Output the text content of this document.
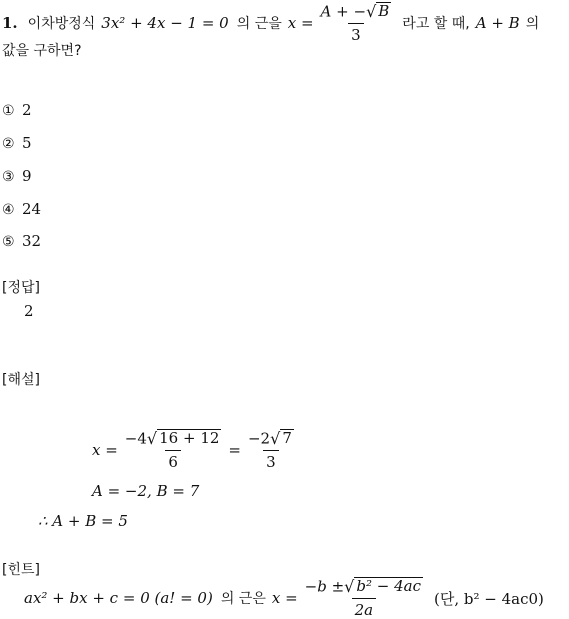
1. 이차방정식 3x² + 4x − 1 = 0 의 근을 $x = \frac{A + - √ B}{3}$ 라고 할 때, A + B 의
값을 구하면?
① 2
② 5
③ 9
④ 24
⑤ 32
[정답]
2
[해설]
$x = \frac{-4 √ 16 + 12}{6} = \frac{-2 √ 7}{3}$
A = −2, B = 7
∴ A + B = 5
[힌트]
ax² + bx + c = 0 (a! = 0) 의 근은 $x = \frac{\text{−b ± √ b² − 4ac}}{2a}$ (단, b² − 4ac0)
